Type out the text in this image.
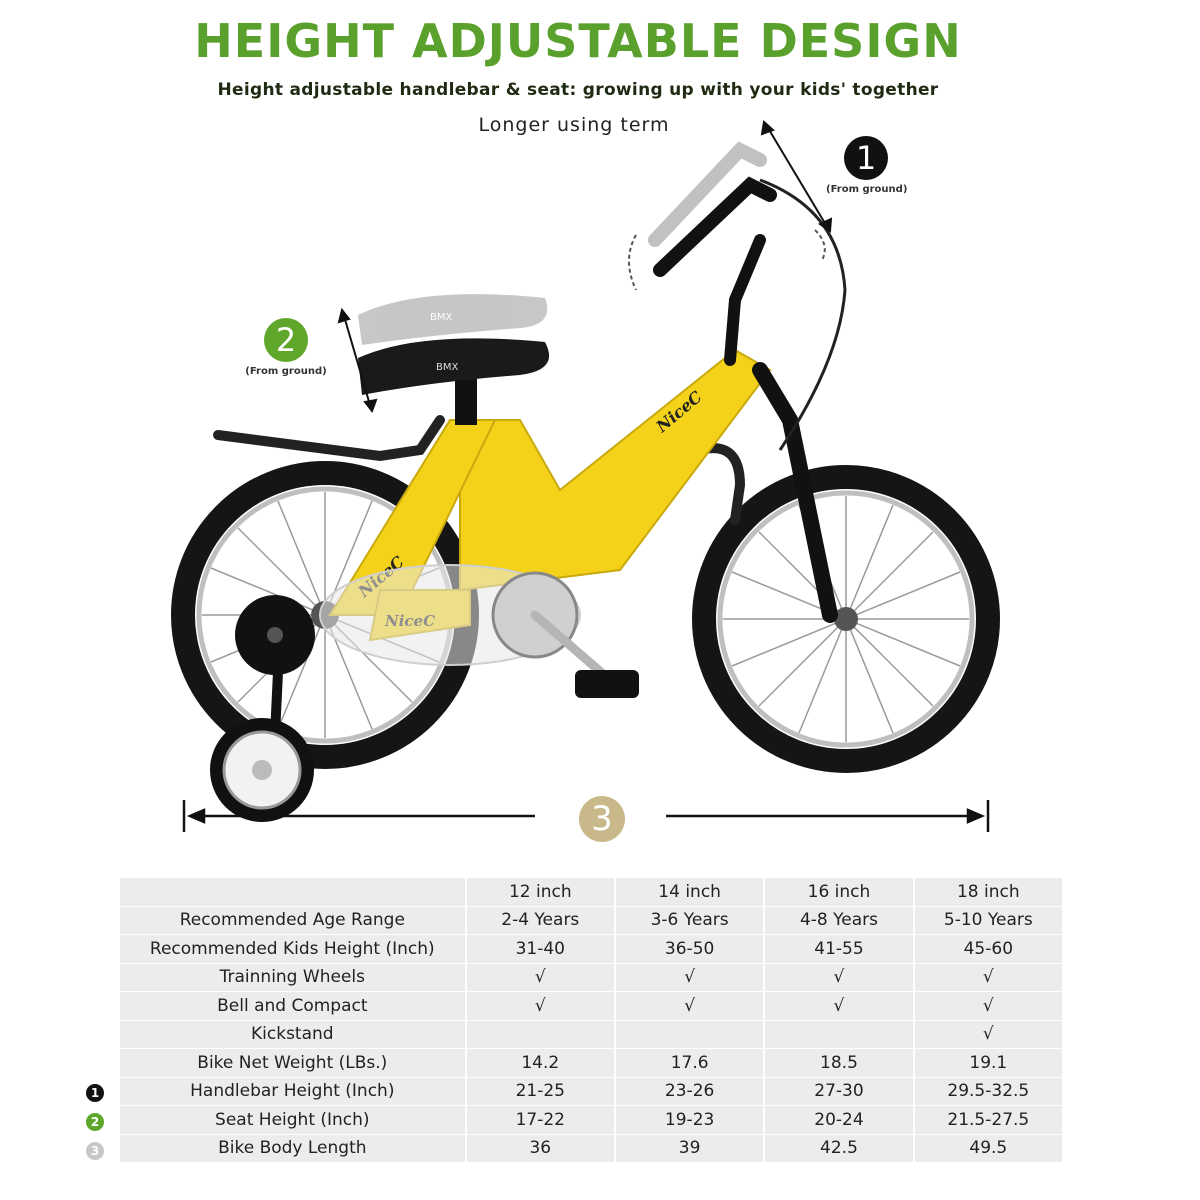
HEIGHT ADJUSTABLE DESIGN
Height adjustable handlebar & seat: growing up with your kids' together
Longer using term
NiceC
BMX
BMX
1
(From ground)
2
(From ground)
3
	12 inch	14 inch	16 inch	18 inch
Recommended Age Range	2-4 Years	3-6 Years	4-8 Years	5-10 Years
Recommended Kids Height (Inch)	31-40	36-50	41-55	45-60
Trainning Wheels	√	√	√	√
Bell and Compact	√	√	√	√
Kickstand				√
Bike Net Weight (LBs.)	14.2	17.6	18.5	19.1
Handlebar Height (Inch)	21-25	23-26	27-30	29.5-32.5
Seat Height (Inch)	17-22	19-23	20-24	21.5-27.5
Bike Body Length	36	39	42.5	49.5
1
2
3
